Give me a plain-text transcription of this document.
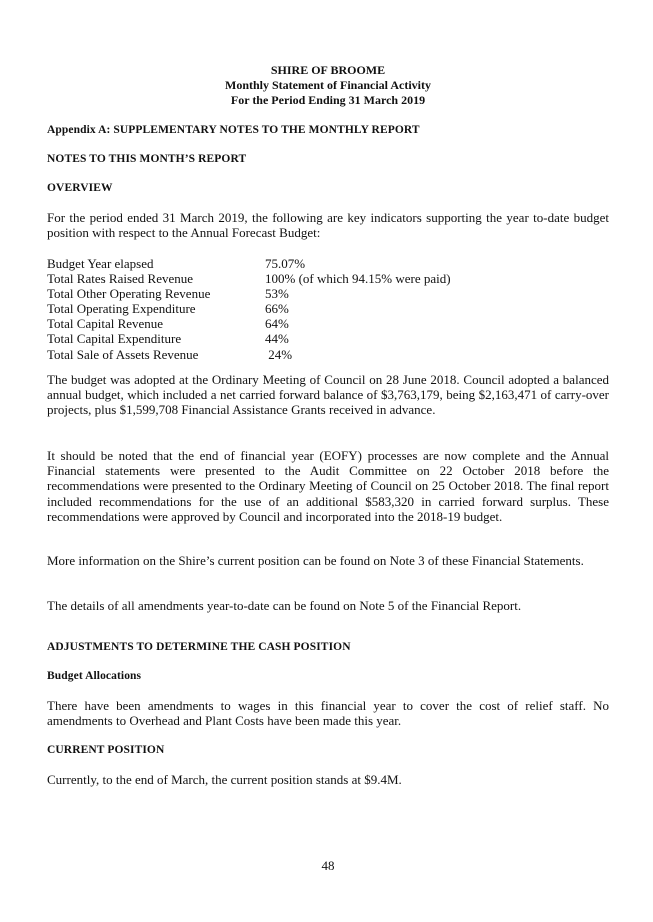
SHIRE OF BROOME
Monthly Statement of Financial Activity
For the Period Ending 31 March 2019
Appendix A: SUPPLEMENTARY NOTES TO THE MONTHLY REPORT
NOTES TO THIS MONTH’S REPORT
OVERVIEW
For the period ended 31 March 2019, the following are key indicators supporting the year to-date budget position with respect to the Annual Forecast Budget:
Budget Year elapsed	75.07%
Total Rates Raised Revenue	100% (of which 94.15% were paid)
Total Other Operating Revenue	53%
Total Operating Expenditure	66%
Total Capital Revenue	64%
Total Capital Expenditure	44%
Total Sale of Assets Revenue	24%
The budget was adopted at the Ordinary Meeting of Council on 28 June 2018. Council adopted a balanced annual budget, which included a net carried forward balance of $3,763,179, being $2,163,471 of carry-over projects, plus $1,599,708 Financial Assistance Grants received in advance.
It should be noted that the end of financial year (EOFY) processes are now complete and the Annual Financial statements were presented to the Audit Committee on 22 October 2018 before the recommendations were presented to the Ordinary Meeting of Council on 25 October 2018. The final report included recommendations for the use of an additional $583,320 in carried forward surplus. These recommendations were approved by Council and incorporated into the 2018-19 budget.
More information on the Shire’s current position can be found on Note 3 of these Financial Statements.
The details of all amendments year-to-date can be found on Note 5 of the Financial Report.
ADJUSTMENTS TO DETERMINE THE CASH POSITION
Budget Allocations
There have been amendments to wages in this financial year to cover the cost of relief staff. No amendments to Overhead and Plant Costs have been made this year.
CURRENT POSITION
Currently, to the end of March, the current position stands at $9.4M.
48
